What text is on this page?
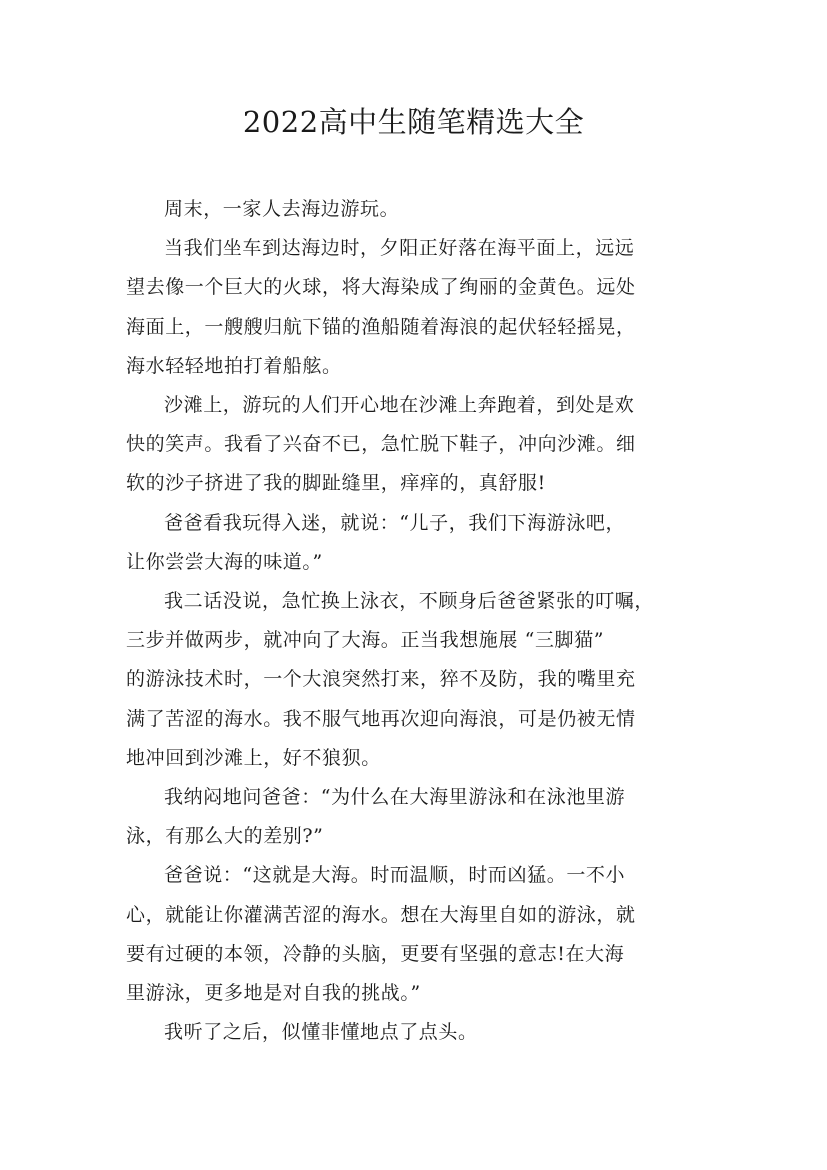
2022高中生随笔精选大全

周末，一家人去海边游玩。

当我们坐车到达海边时，夕阳正好落在海平面上，远远
望去像一个巨大的火球，将大海染成了绚丽的金黄色。远处
海面上，一艘艘归航下锚的渔船随着海浪的起伏轻轻摇晃，
海水轻轻地拍打着船舷。

沙滩上，游玩的人们开心地在沙滩上奔跑着，到处是欢
快的笑声。我看了兴奋不已，急忙脱下鞋子，冲向沙滩。细
软的沙子挤进了我的脚趾缝里，痒痒的，真舒服!

爸爸看我玩得入迷，就说：“儿子，我们下海游泳吧，
让你尝尝大海的味道。”

我二话没说，急忙换上泳衣，不顾身后爸爸紧张的叮嘱，
三步并做两步，就冲向了大海。正当我想施展 “三脚猫”
的游泳技术时，一个大浪突然打来，猝不及防，我的嘴里充
满了苦涩的海水。我不服气地再次迎向海浪，可是仍被无情
地冲回到沙滩上，好不狼狈。

我纳闷地问爸爸：“为什么在大海里游泳和在泳池里游
泳，有那么大的差别?”

爸爸说：“这就是大海。时而温顺，时而凶猛。一不小
心，就能让你灌满苦涩的海水。想在大海里自如的游泳，就
要有过硬的本领，冷静的头脑，更要有坚强的意志!在大海
里游泳，更多地是对自我的挑战。”

我听了之后，似懂非懂地点了点头。
